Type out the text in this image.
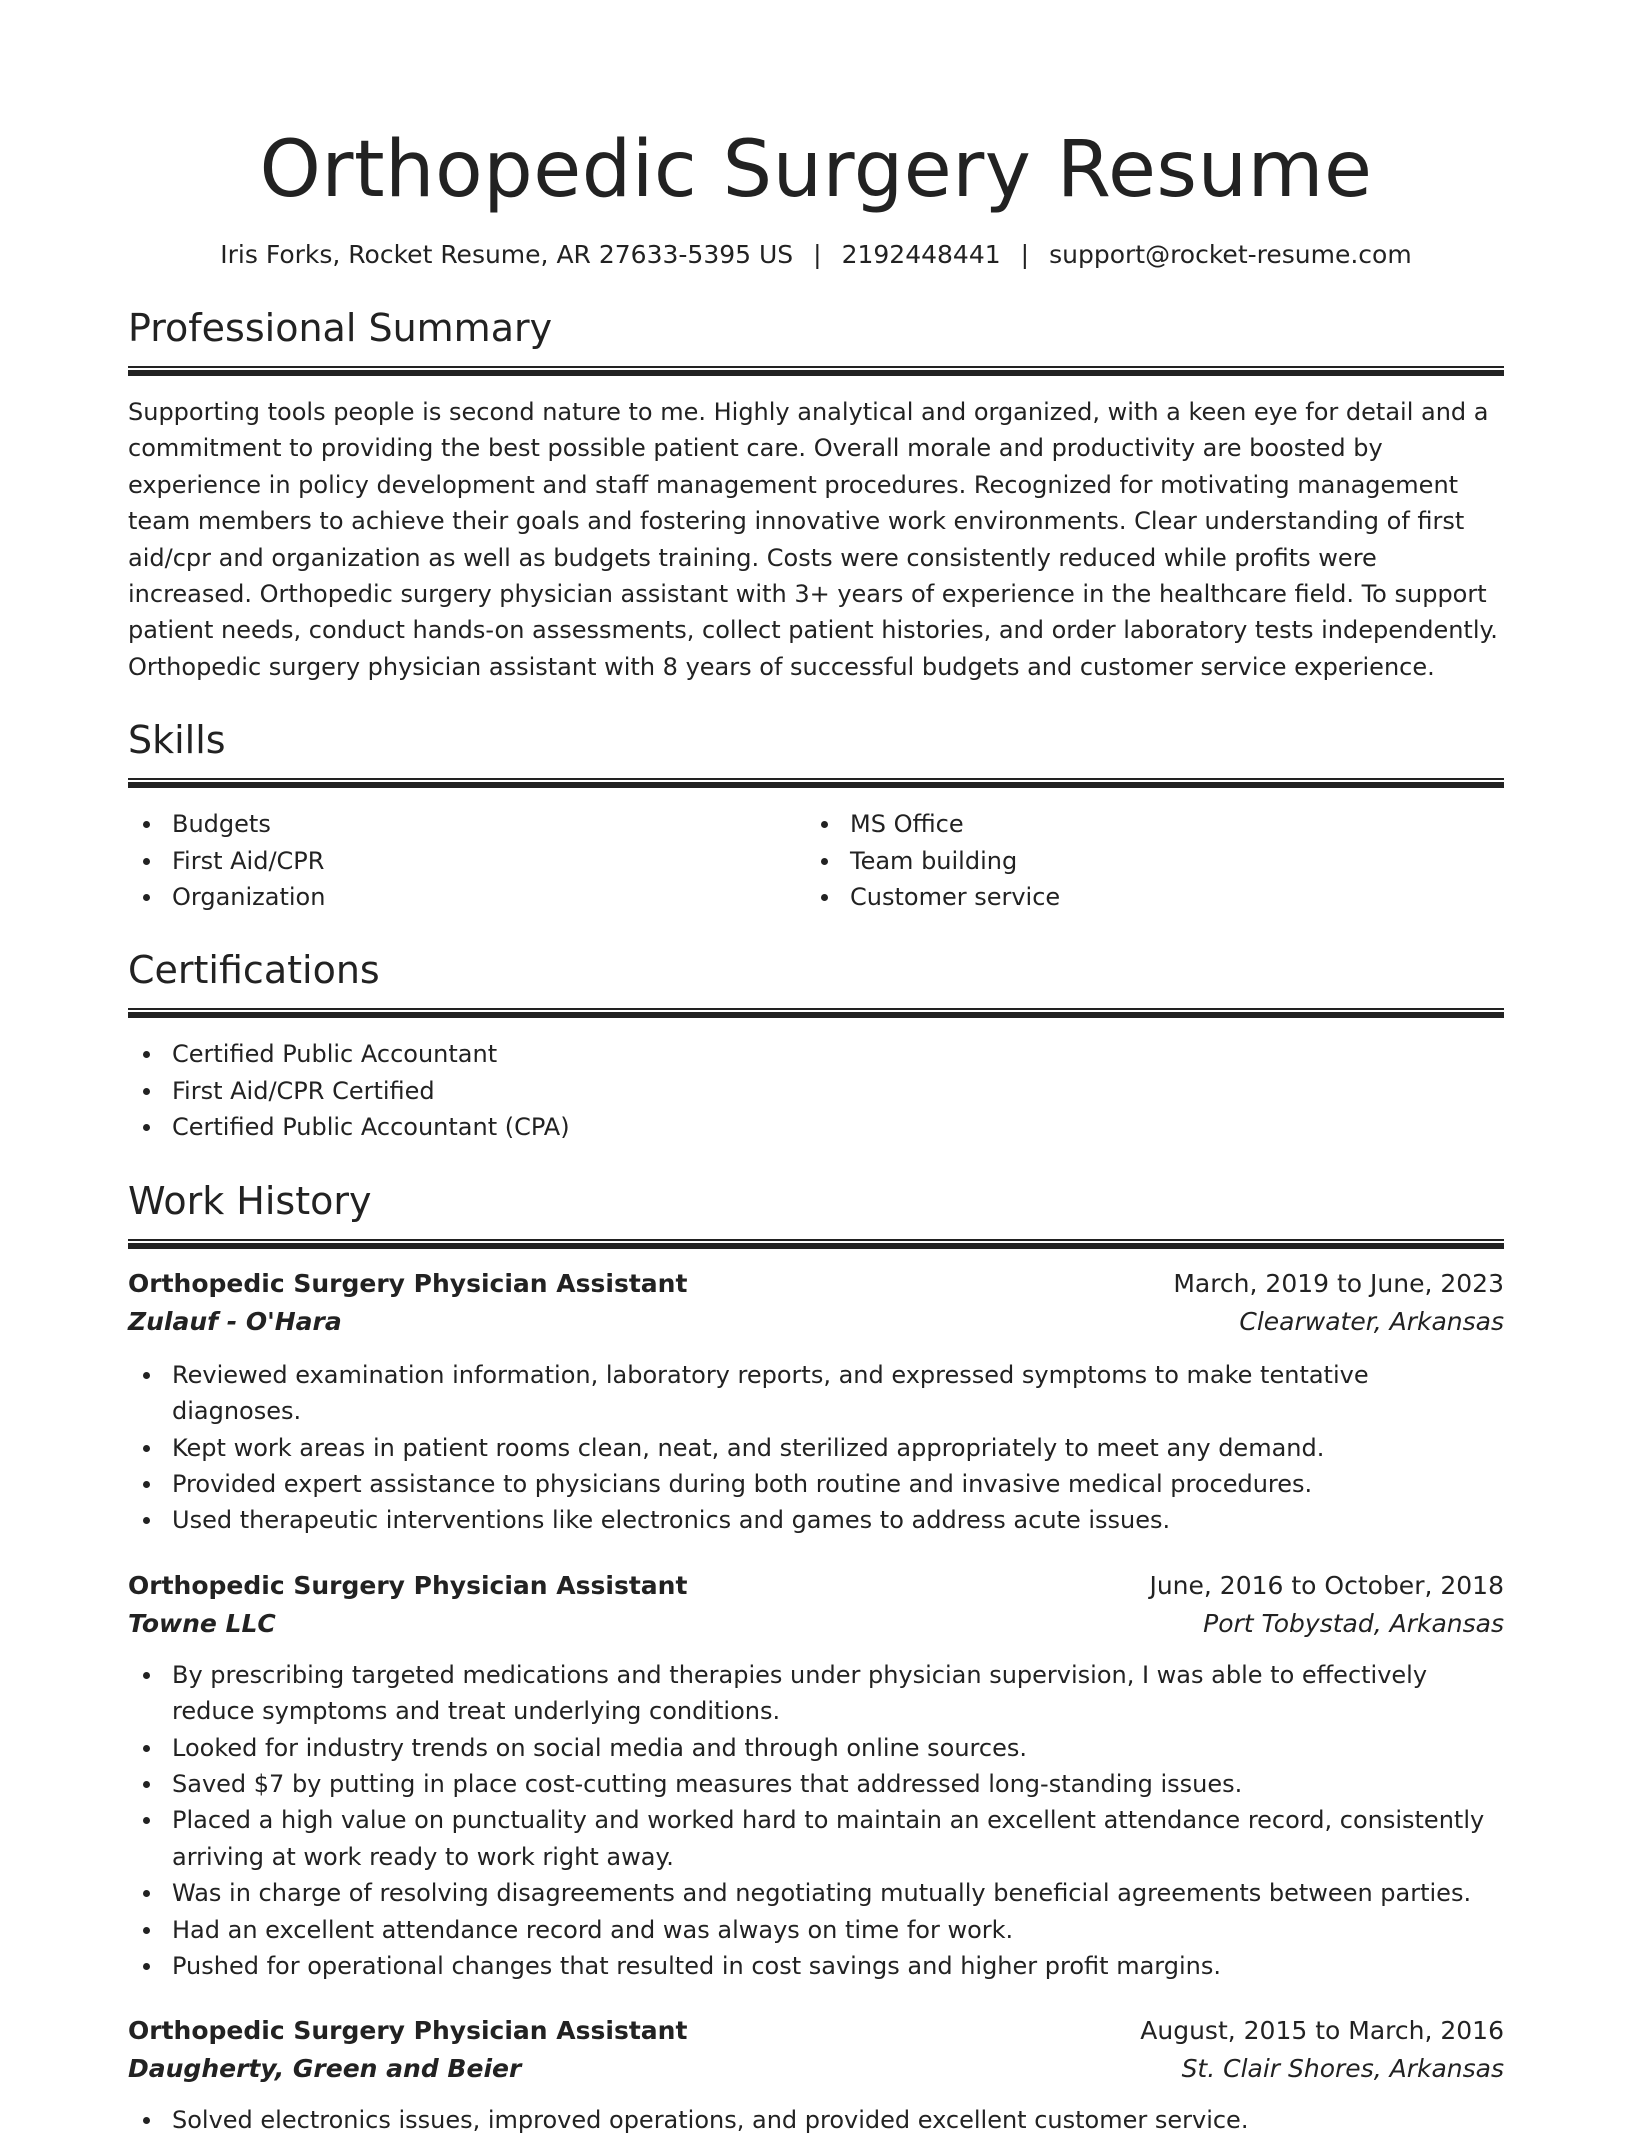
Orthopedic Surgery Resume
Iris Forks, Rocket Resume, AR 27633-5395 US | 2192448441 | support@rocket-resume.com
Professional Summary

Supporting tools people is second nature to me. Highly analytical and organized, with a keen eye for detail and a commitment to providing the best possible patient care. Overall morale and productivity are boosted by experience in policy development and staff management procedures. Recognized for motivating management team members to achieve their goals and fostering innovative work environments. Clear understanding of first aid/cpr and organization as well as budgets training. Costs were consistently reduced while profits were increased. Orthopedic surgery physician assistant with 3+ years of experience in the healthcare field. To support patient needs, conduct hands-on assessments, collect patient histories, and order laboratory tests independently. Orthopedic surgery physician assistant with 8 years of successful budgets and customer service experience.

Skills
Budgets
First Aid/CPR
Organization
MS Office
Team building
Customer service
Certifications
Certified Public Accountant
First Aid/CPR Certified
Certified Public Accountant (CPA)
Work History
Orthopedic Surgery Physician Assistant	March, 2019 to June, 2023
Zulauf - O'Hara	Clearwater, Arkansas
Reviewed examination information, laboratory reports, and expressed symptoms to make tentative diagnoses.
Kept work areas in patient rooms clean, neat, and sterilized appropriately to meet any demand.
Provided expert assistance to physicians during both routine and invasive medical procedures.
Used therapeutic interventions like electronics and games to address acute issues.
Orthopedic Surgery Physician Assistant	June, 2016 to October, 2018
Towne LLC	Port Tobystad, Arkansas
By prescribing targeted medications and therapies under physician supervision, I was able to effectively reduce symptoms and treat underlying conditions.
Looked for industry trends on social media and through online sources.
Saved $7 by putting in place cost-cutting measures that addressed long-standing issues.
Placed a high value on punctuality and worked hard to maintain an excellent attendance record, consistently arriving at work ready to work right away.
Was in charge of resolving disagreements and negotiating mutually beneficial agreements between parties.
Had an excellent attendance record and was always on time for work.
Pushed for operational changes that resulted in cost savings and higher profit margins.
Orthopedic Surgery Physician Assistant	August, 2015 to March, 2016
Daugherty, Green and Beier	St. Clair Shores, Arkansas
Solved electronics issues, improved operations, and provided excellent customer service.
